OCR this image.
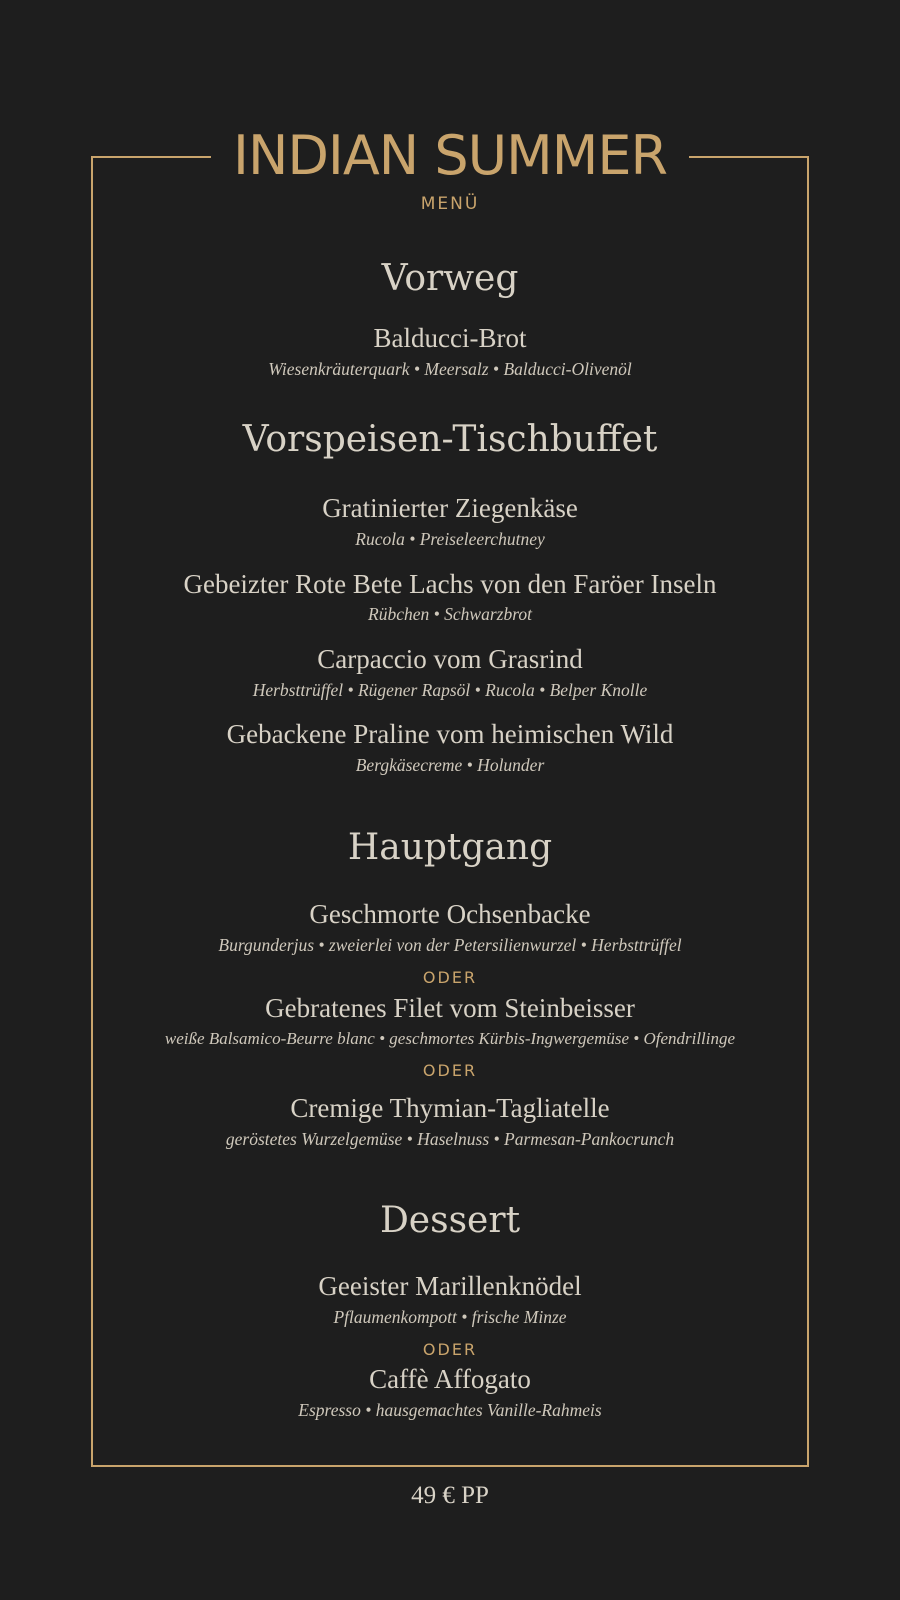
INDIAN SUMMER
MENÜ
Vorweg
Balducci-Brot
Wiesenkräuterquark • Meersalz • Balducci-Olivenöl
Vorspeisen-Tischbuffet
Gratinierter Ziegenkäse
Rucola • Preiseleerchutney
Gebeizter Rote Bete Lachs von den Faröer Inseln
Rübchen • Schwarzbrot
Carpaccio vom Grasrind
Herbsttrüffel • Rügener Rapsöl • Rucola • Belper Knolle
Gebackene Praline vom heimischen Wild
Bergkäsecreme • Holunder
Hauptgang
Geschmorte Ochsenbacke
Burgunderjus • zweierlei von der Petersilienwurzel • Herbsttrüffel
ODER
Gebratenes Filet vom Steinbeisser
weiße Balsamico-Beurre blanc • geschmortes Kürbis-Ingwergemüse • Ofendrillinge
ODER
Cremige Thymian-Tagliatelle
geröstetes Wurzelgemüse • Haselnuss • Parmesan-Pankocrunch
Dessert
Geeister Marillenknödel
Pflaumenkompott • frische Minze
ODER
Caffè Affogato
Espresso • hausgemachtes Vanille-Rahmeis
49 € PP
